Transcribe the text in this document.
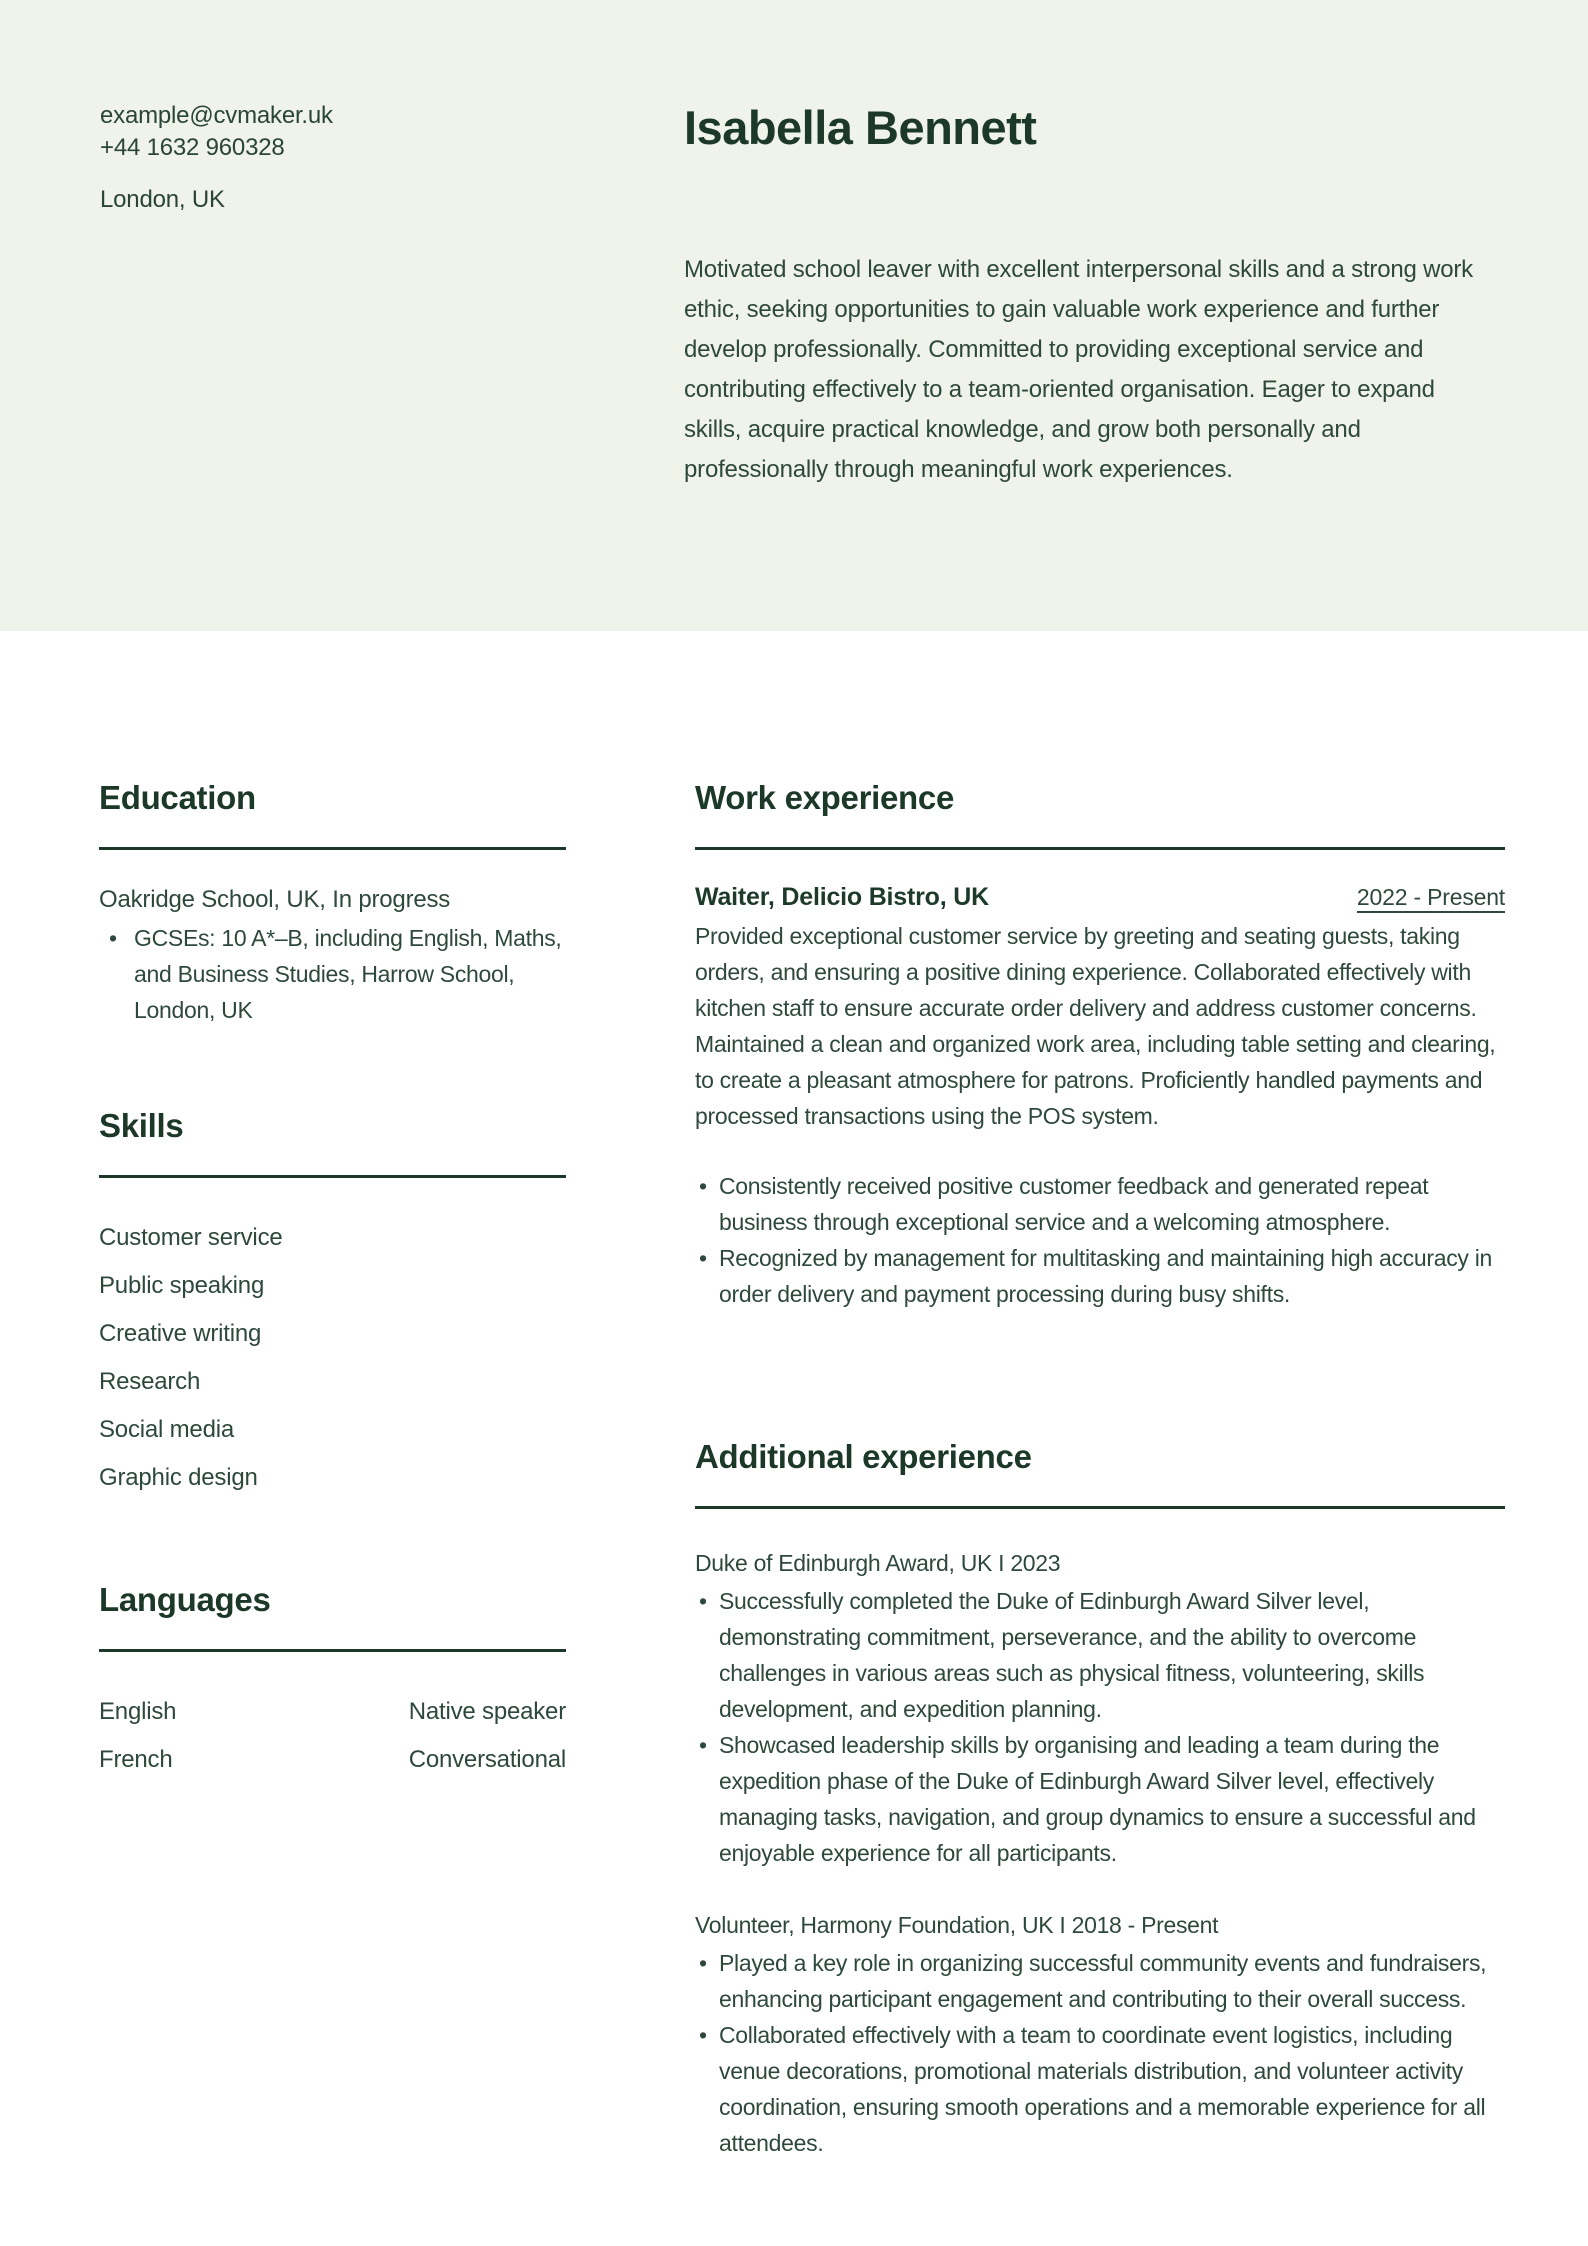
example@cvmaker.uk
+44 1632 960328
London, UK
Isabella Bennett

Motivated school leaver with excellent interpersonal skills and a strong work ethic, seeking opportunities to gain valuable work experience and further develop professionally. Committed to providing exceptional service and contributing effectively to a team-oriented organisation. Eager to expand skills, acquire practical knowledge, and grow both personally and professionally through meaningful work experiences.

Education

Oakridge School, UK, In progress

• GCSEs: 10 A*–B, including English, Maths, and Business Studies, Harrow School, London, UK
Skills
Customer service
Public speaking
Creative writing
Research
Social media
Graphic design
Languages
English	Native speaker
French	Conversational
Work experience
Waiter, Delicio Bistro, UK	2022 - Present

Provided exceptional customer service by greeting and seating guests, taking orders, and ensuring a positive dining experience. Collaborated effectively with kitchen staff to ensure accurate order delivery and address customer concerns. Maintained a clean and organized work area, including table setting and clearing, to create a pleasant atmosphere for patrons. Proficiently handled payments and processed transactions using the POS system.

• Consistently received positive customer feedback and generated repeat business through exceptional service and a welcoming atmosphere.
• Recognized by management for multitasking and maintaining high accuracy in order delivery and payment processing during busy shifts.
Additional experience

Duke of Edinburgh Award, UK I 2023

• Successfully completed the Duke of Edinburgh Award Silver level, demonstrating commitment, perseverance, and the ability to overcome challenges in various areas such as physical fitness, volunteering, skills development, and expedition planning.
• Showcased leadership skills by organising and leading a team during the expedition phase of the Duke of Edinburgh Award Silver level, effectively managing tasks, navigation, and group dynamics to ensure a successful and enjoyable experience for all participants.

Volunteer, Harmony Foundation, UK I 2018 - Present

• Played a key role in organizing successful community events and fundraisers, enhancing participant engagement and contributing to their overall success.
• Collaborated effectively with a team to coordinate event logistics, including venue decorations, promotional materials distribution, and volunteer activity coordination, ensuring smooth operations and a memorable experience for all attendees.
